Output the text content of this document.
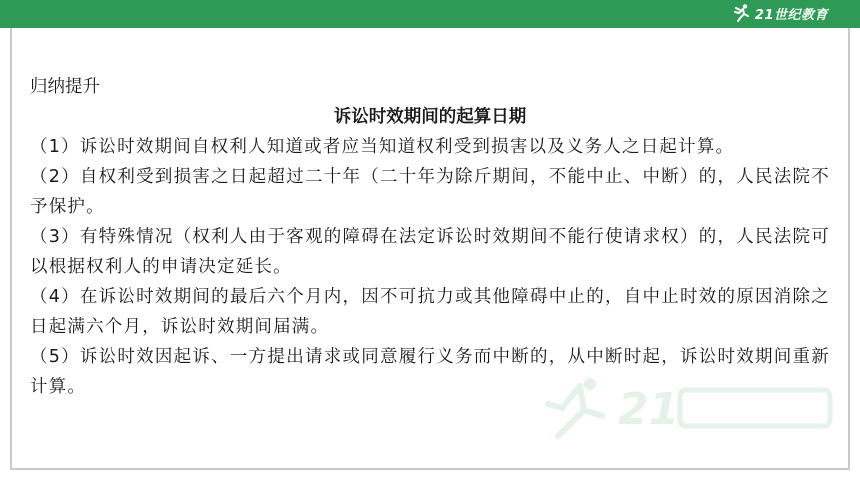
21世纪教育
21

归纳提升

诉讼时效期间的起算日期

（1）诉讼时效期间自权利人知道或者应当知道权利受到损害以及义务人之日起计算。

（2）自权利受到损害之日起超过二十年（二十年为除斤期间，不能中止、中断）的，人民法院不予保护。

（3）有特殊情况（权利人由于客观的障碍在法定诉讼时效期间不能行使请求权）的，人民法院可以根据权利人的申请决定延长。

（4）在诉讼时效期间的最后六个月内，因不可抗力或其他障碍中止的，自中止时效的原因消除之日起满六个月，诉讼时效期间届满。

（5）诉讼时效因起诉、一方提出请求或同意履行义务而中断的，从中断时起，诉讼时效期间重新计算。
